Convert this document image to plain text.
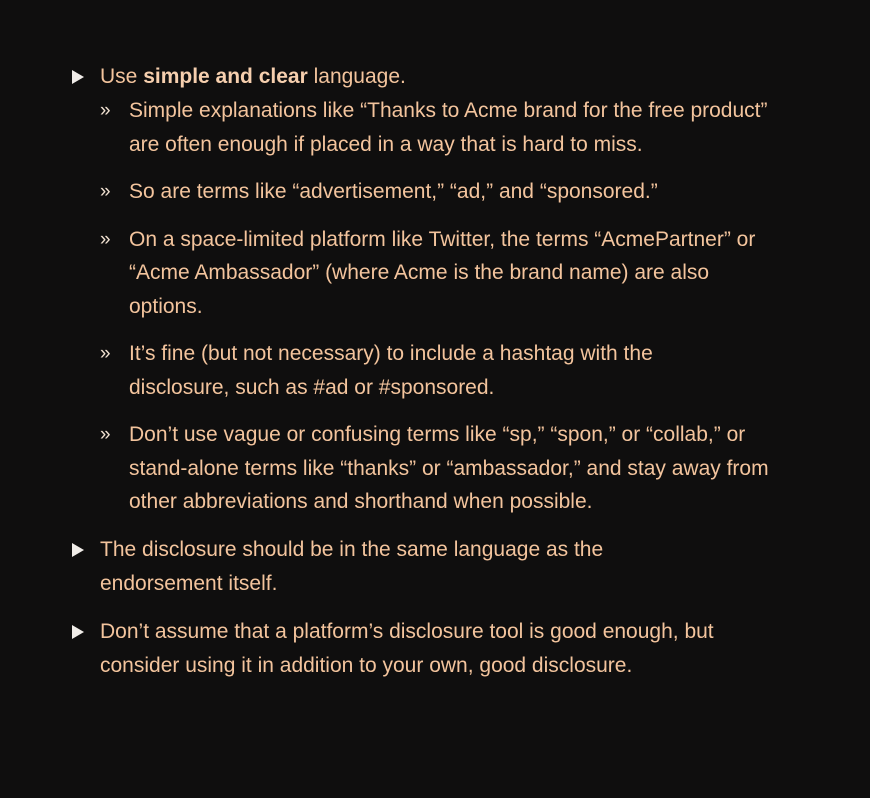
Use simple and clear language.
» Simple explanations like “Thanks to Acme brand for the free product” are often enough if placed in a way that is hard to miss.
» So are terms like “advertisement,” “ad,” and “sponsored.”
» On a space-limited platform like Twitter, the terms “AcmePartner” or “Acme Ambassador” (where Acme is the brand name) are also options.
» It’s fine (but not necessary) to include a hashtag with the disclosure, such as #ad or #sponsored.
» Don’t use vague or confusing terms like “sp,” “spon,” or “collab,” or stand-alone terms like “thanks” or “ambassador,” and stay away from other abbreviations and shorthand when possible.
The disclosure should be in the same language as the endorsement itself.
Don’t assume that a platform’s disclosure tool is good enough, but consider using it in addition to your own, good disclosure.
